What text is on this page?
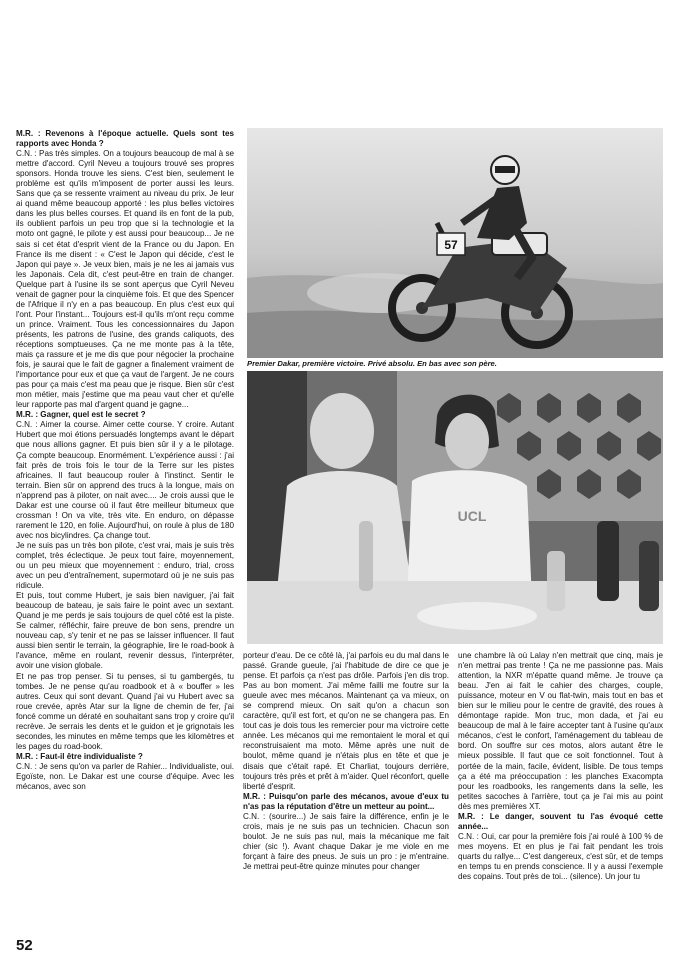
M.R. : Revenons à l'époque actuelle. Quels sont tes rapports avec Honda ?

C.N. : Pas très simples. On a toujours beaucoup de mal à se mettre d'accord. Cyril Neveu a toujours trouvé ses propres sponsors. Honda trouve les siens. C'est bien, seulement le problème est qu'ils m'imposent de porter aussi les leurs. Sans que ça se ressente vraiment au niveau du prix. Je leur ai quand même beaucoup apporté : les plus belles victoires dans les plus belles courses. Et quand ils en font de la pub, ils oublient parfois un peu trop que si la technologie et la moto ont gagné, le pilote y est aussi pour beaucoup... Je ne sais si cet état d'esprit vient de la France ou du Japon. En France ils me disent : « C'est le Japon qui décide, c'est le Japon qui paye ». Je veux bien, mais je ne les ai jamais vus les Japonais. Cela dit, c'est peut-être en train de changer. Quelque part à l'usine ils se sont aperçus que Cyril Neveu venait de gagner pour la cinquième fois. Et que des Spencer de l'Afrique il n'y en a pas beaucoup. En plus c'est eux qui l'ont. Pour l'instant... Toujours est-il qu'ils m'ont reçu comme un prince. Vraiment. Tous les concessionnaires du Japon présents, les patrons de l'usine, des grands caliquots, des réceptions somptueuses. Ça ne me monte pas à la tête, mais ça rassure et je me dis que pour négocier la prochaine fois, je saurai que le fait de gagner a finalement vraiment de l'importance pour eux et que ça vaut de l'argent. Je ne cours pas pour ça mais c'est ma peau que je risque. Bien sûr c'est mon métier, mais j'estime que ma peau vaut cher et qu'elle leur rapporte pas mal d'argent quand je gagne...

M.R. : Gagner, quel est le secret ?

C.N. : Aimer la course. Aimer cette course. Y croire. Autant Hubert que moi étions persuadés longtemps avant le départ que nous allions gagner. Et puis bien sûr il y a le pilotage. Ça compte beaucoup. Enormément. L'expérience aussi : j'ai fait près de trois fois le tour de la Terre sur les pistes africaines. Il faut beaucoup rouler à l'instinct. Sentir le terrain. Bien sûr on apprend des trucs à la longue, mais on n'apprend pas à piloter, on nait avec.... Je crois aussi que le Dakar est une course où il faut être meilleur bitumeux que crossman ! On va vite, très vite. En enduro, on dépasse rarement le 120, en folie. Aujourd'hui, on roule à plus de 180 avec nos bicylindres. Ça change tout.

Je ne suis pas un très bon pilote, c'est vrai, mais je suis très complet, très éclectique. Je peux tout faire, moyennement, ou un peu mieux que moyennement : enduro, trial, cross avec un peu d'entraînement, supermotard où je ne suis pas ridicule.

Et puis, tout comme Hubert, je sais bien naviguer, j'ai fait beaucoup de bateau, je sais faire le point avec un sextant. Quand je me perds je sais toujours de quel côté est la piste. Se calmer, réfléchir, faire preuve de bon sens, prendre un nouveau cap, s'y tenir et ne pas se laisser influencer. Il faut aussi bien sentir le terrain, la géographie, lire le road-book à l'avance, même en roulant, revenir dessus, l'interpréter, avoir une vision globale.

Et ne pas trop penser. Si tu penses, si tu gambergés, tu tombes. Je ne pense qu'au roadbook et à « bouffer » les autres. Ceux qui sont devant. Quand j'ai vu Hubert avec sa roue crevée, après Atar sur la ligne de chemin de fer, j'ai foncé comme un dératé en souhaitant sans trop y croire qu'il recrève. Je serrais les dents et le guidon et je grignotais les secondes, les minutes en même temps que les kilomètres et les pages du road-book.

M.R. : Faut-il être individualiste ?

C.N. : Je sens qu'on va parler de Rahier... Individualiste, oui. Egoïste, non. Le Dakar est une course d'équipe. Avec les mécanos, avec son

57
Premier Dakar, première victoire. Privé absolu. En bas avec son père.
UCL

porteur d'eau. De ce côté là, j'ai parfois eu du mal dans le passé. Grande gueule, j'ai l'habitude de dire ce que je pense. Et parfois ça n'est pas drôle. Parfois j'en dis trop. Pas au bon moment. J'ai même failli me foutre sur la gueule avec mes mécanos. Maintenant ça va mieux, on se comprend mieux. On sait qu'on a chacun son caractère, qu'il est fort, et qu'on ne se changera pas. En tout cas je dois tous les remercier pour ma victroire cette année. Les mécanos qui me remontaient le moral et qui reconstruisaient ma moto. Même après une nuit de boulot, même quand je n'étais plus en tête et que je disais que c'était rapé. Et Charliat, toujours derrière, toujours très près et prêt à m'aider. Quel réconfort, quelle liberté d'esprit.

M.R. : Puisqu'on parle des mécanos, avoue d'eux tu n'as pas la réputation d'être un metteur au point...

C.N. : (sourire...) Je sais faire la différence, enfin je le crois, mais je ne suis pas un technicien. Chacun son boulot. Je ne suis pas nul, mais la mécanique me fait chier (sic !). Avant chaque Dakar je me viole en me forçant à faire des pneus. Je suis un pro : je m'entraine. Je mettrai peut-être quinze minutes pour changer

une chambre là où Lalay n'en mettrait que cinq, mais je n'en mettrai pas trente ! Ça ne me passionne pas. Mais attention, la NXR m'épatte quand même. Je trouve ça beau. J'en ai fait le cahier des charges, couple, puissance, moteur en V ou flat-twin, mais tout en bas et bien sur le milieu pour le centre de gravité, des roues à démontage rapide. Mon truc, mon dada, et j'ai eu beaucoup de mal à le faire accepter tant à l'usine qu'aux mécanos, c'est le confort, l'aménagement du tableau de bord. On souffre sur ces motos, alors autant être le mieux possible. Il faut que ce soit fonctionnel. Tout à portée de la main, facile, évident, lisible. De tous temps ça a été ma préoccupation : les planches Exacompta pour les roadbooks, les rangements dans la selle, les petites sacoches à l'arrière, tout ça je l'ai mis au point dès mes premières XT.

M.R. : Le danger, souvent tu l'as évoqué cette année...

C.N. : Oui, car pour la première fois j'ai roulé à 100 % de mes moyens. Et en plus je l'ai fait pendant les trois quarts du rallye... C'est dangereux, c'est sûr, et de temps en temps tu en prends conscience. Il y a aussi l'exemple des copains. Tout près de toi... (silence). Un jour tu

52
